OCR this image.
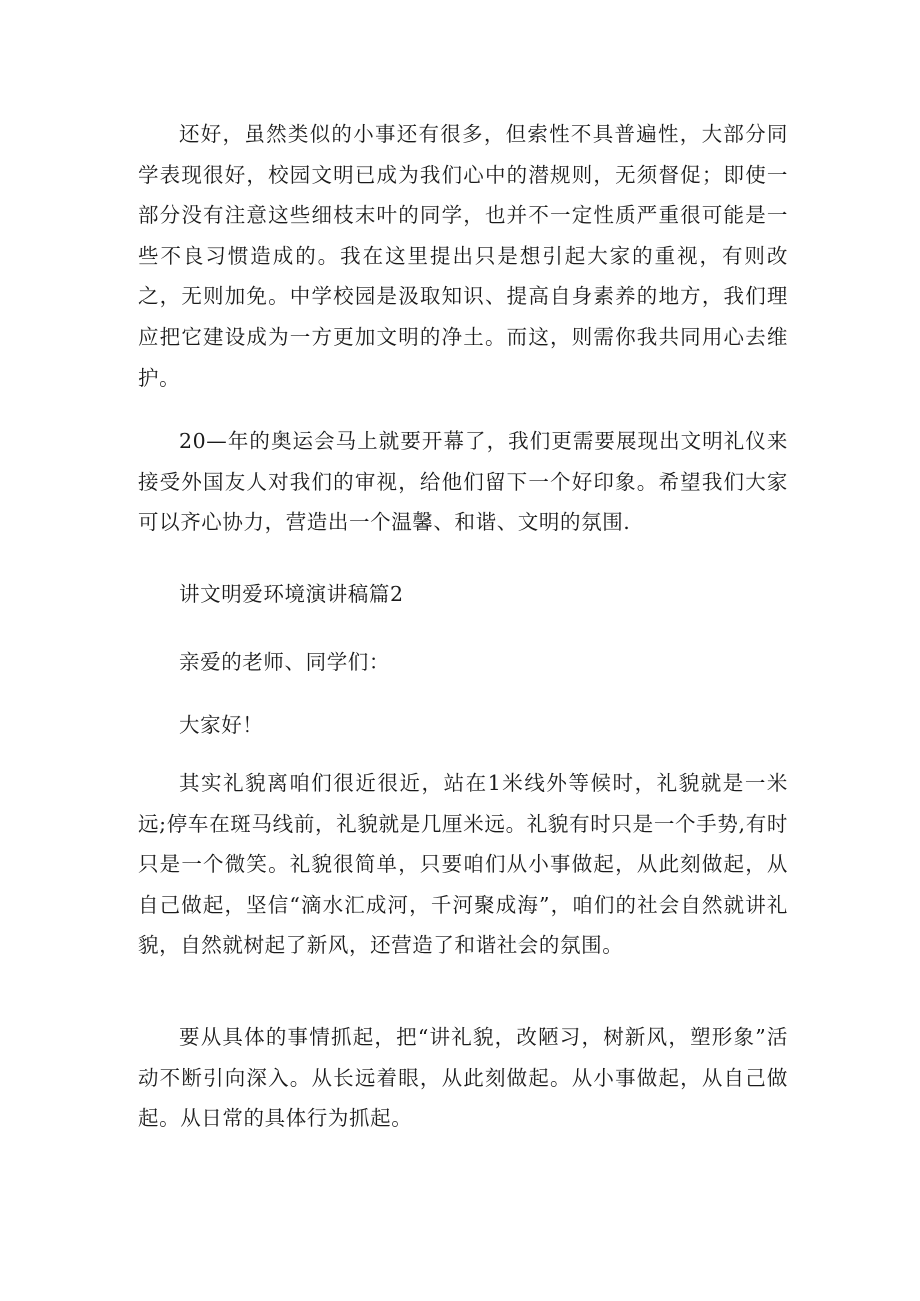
还好，虽然类似的小事还有很多，但索性不具普遍性，大部分同学表现很好，校园文明已成为我们心中的潜规则，无须督促；即使一部分没有注意这些细枝末叶的同学，也并不一定性质严重很可能是一些不良习惯造成的。我在这里提出只是想引起大家的重视，有则改之，无则加免。中学校园是汲取知识、提高自身素养的地方，我们理应把它建设成为一方更加文明的净土。而这，则需你我共同用心去维护。

20—年的奥运会马上就要开幕了，我们更需要展现出文明礼仪来接受外国友人对我们的审视，给他们留下一个好印象。希望我们大家可以齐心协力，营造出一个温馨、和谐、文明的氛围.

讲文明爱环境演讲稿篇2

亲爱的老师、同学们：

大家好！

其实礼貌离咱们很近很近，站在1米线外等候时，礼貌就是一米远;停车在斑马线前，礼貌就是几厘米远。礼貌有时只是一个手势,有时只是一个微笑。礼貌很简单，只要咱们从小事做起，从此刻做起，从自己做起，坚信“滴水汇成河，千河聚成海”，咱们的社会自然就讲礼貌，自然就树起了新风，还营造了和谐社会的氛围。

要从具体的事情抓起，把“讲礼貌，改陋习，树新风，塑形象”活动不断引向深入。从长远着眼，从此刻做起。从小事做起，从自己做起。从日常的具体行为抓起。
